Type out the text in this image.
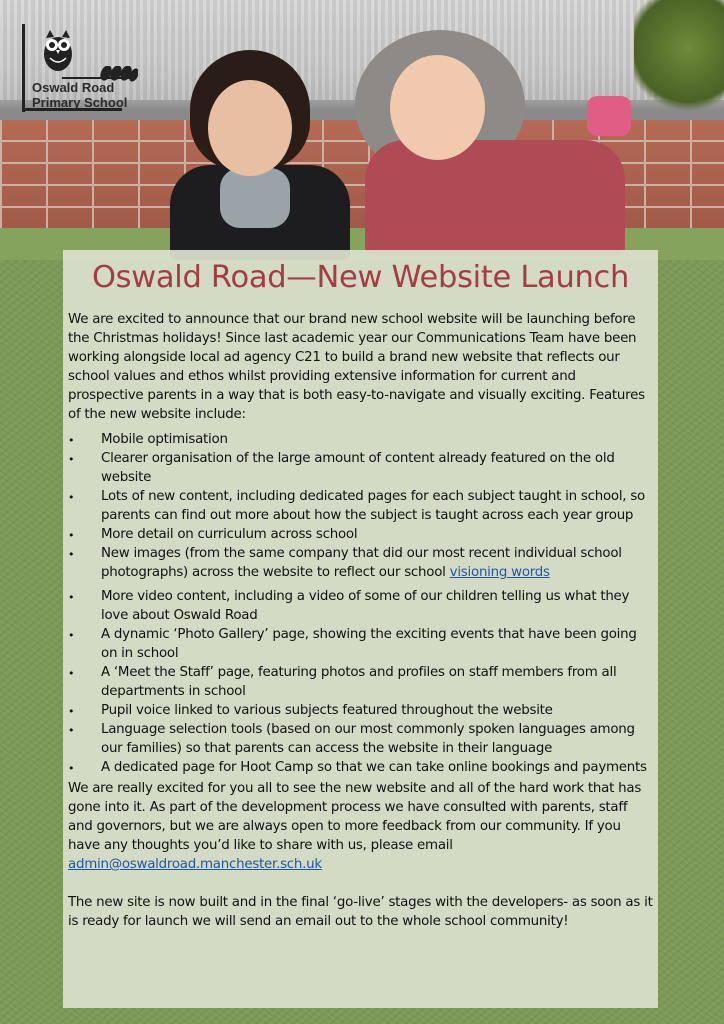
Oswald Road
Primary School
Oswald Road—New Website Launch

We are excited to announce that our brand new school website will be launching before the Christmas holidays! Since last academic year our Communications Team have been working alongside local ad agency C21 to build a brand new website that reflects our school values and ethos whilst providing extensive information for current and prospective parents in a way that is both easy-to-navigate and visually exciting. Features of the new website include:

• Mobile optimisation
• Clearer organisation of the large amount of content already featured on the old website
• Lots of new content, including dedicated pages for each subject taught in school, so parents can find out more about how the subject is taught across each year group
• More detail on curriculum across school
• New images (from the same company that did our most recent individual school photographs) across the website to reflect our school visioning words
• More video content, including a video of some of our children telling us what they love about Oswald Road
• A dynamic ‘Photo Gallery’ page, showing the exciting events that have been going on in school
• A ‘Meet the Staff’ page, featuring photos and profiles on staff members from all departments in school
• Pupil voice linked to various subjects featured throughout the website
• Language selection tools (based on our most commonly spoken languages among our families) so that parents can access the website in their language
• A dedicated page for Hoot Camp so that we can take online bookings and payments

We are really excited for you all to see the new website and all of the hard work that has gone into it. As part of the development process we have consulted with parents, staff and governors, but we are always open to more feedback from our community. If you have any thoughts you’d like to share with us, please email admin@oswaldroad.manchester.sch.uk

The new site is now built and in the final ‘go-live’ stages with the developers- as soon as it is ready for launch we will send an email out to the whole school community!
